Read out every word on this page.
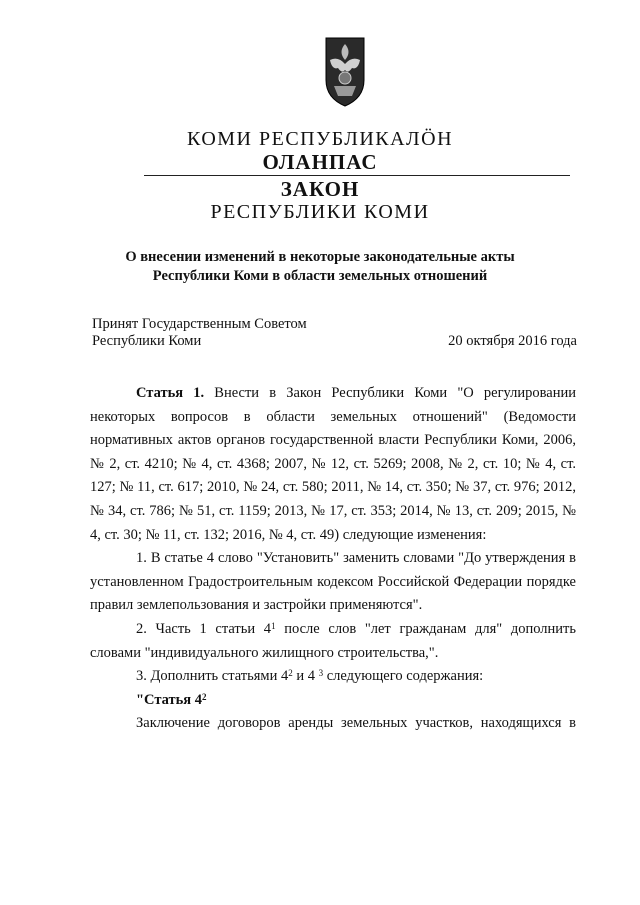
КОМИ РЕСПУБЛИКАЛӦН
ОЛАНПАС
ЗАКОН
РЕСПУБЛИКИ КОМИ
О внесении изменений в некоторые законодательные акты
Республики Коми в области земельных отношений
Принят Государственным Советом
Республики Коми	20 октября 2016 года

Статья 1. Внести в Закон Республики Коми "О регулировании некоторых вопросов в области земельных отношений" (Ведомости нормативных актов органов государственной власти Республики Коми, 2006, № 2, ст. 4210; № 4, ст. 4368; 2007, № 12, ст. 5269; 2008, № 2, ст. 10; № 4, ст. 127; № 11, ст. 617; 2010, № 24, ст. 580; 2011, № 14, ст. 350; № 37, ст. 976; 2012, № 34, ст. 786; № 51, ст. 1159; 2013, № 17, ст. 353; 2014, № 13, ст. 209; 2015, № 4, ст. 30; № 11, ст. 132; 2016, № 4, ст. 49) следующие изменения:

1. В статье 4 слово "Установить" заменить словами "До утверждения в установленном Градостроительным кодексом Российской Федерации порядке правил землепользования и застройки применяются".

2. Часть 1 статьи $4^1$ после слов "лет гражданам для" дополнить словами "индивидуального жилищного строительства,".

3. Дополнить статьями $4^2$ и 4 $^3$ следующего содержания:

"Статья $4^2$

Заключение договоров аренды земельных участков, находящихся в
